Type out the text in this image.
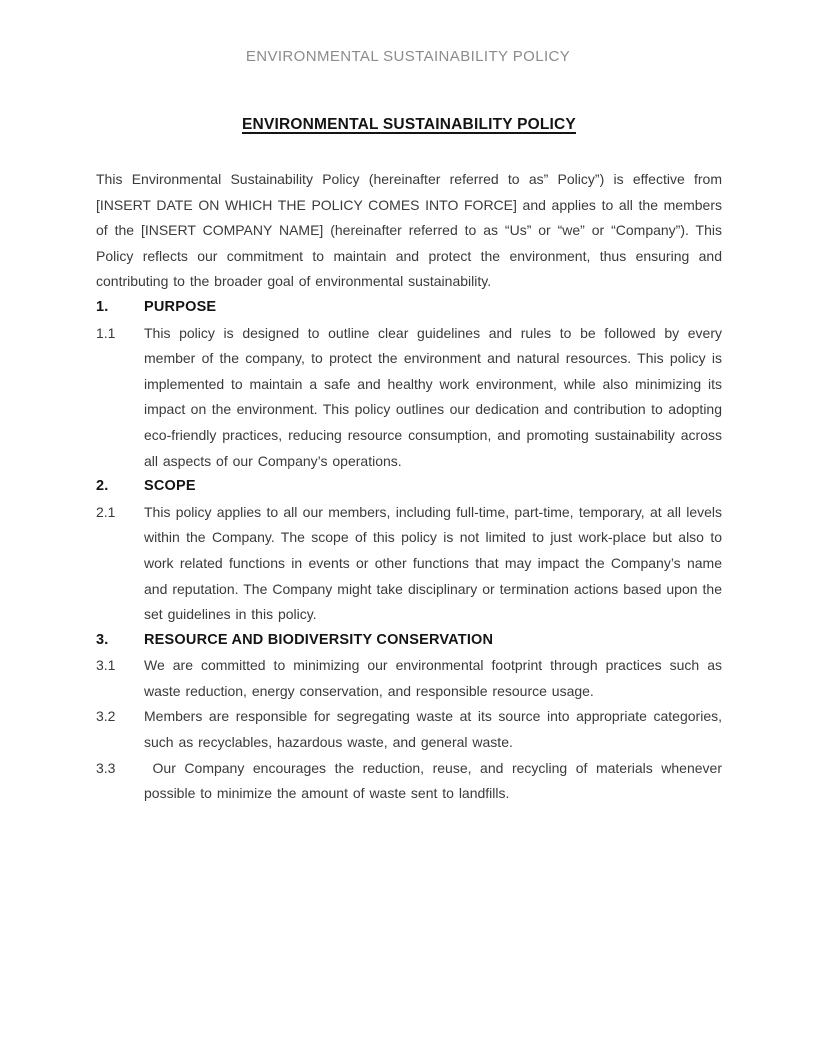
ENVIRONMENTAL SUSTAINABILITY POLICY
ENVIRONMENTAL SUSTAINABILITY POLICY

This Environmental Sustainability Policy (hereinafter referred to as” Policy”) is effective from [INSERT DATE ON WHICH THE POLICY COMES INTO FORCE] and applies to all the members of the [INSERT COMPANY NAME] (hereinafter referred to as “Us” or “we” or “Company”). This Policy reflects our commitment to maintain and protect the environment, thus ensuring and contributing to the broader goal of environmental sustainability.

1.	PURPOSE
1.1	This policy is designed to outline clear guidelines and rules to be followed by every member of the company, to protect the environment and natural resources. This policy is implemented to maintain a safe and healthy work environment, while also minimizing its impact on the environment. This policy outlines our dedication and contribution to adopting eco-friendly practices, reducing resource consumption, and promoting sustainability across all aspects of our Company’s operations.
2.	SCOPE
2.1	This policy applies to all our members, including full-time, part-time, temporary, at all levels within the Company. The scope of this policy is not limited to just work-place but also to work related functions in events or other functions that may impact the Company’s name and reputation. The Company might take disciplinary or termination actions based upon the set guidelines in this policy.
3.	RESOURCE AND BIODIVERSITY CONSERVATION
3.1	We are committed to minimizing our environmental footprint through practices such as waste reduction, energy conservation, and responsible resource usage.
3.2	Members are responsible for segregating waste at its source into appropriate categories, such as recyclables, hazardous waste, and general waste.
3.3	Our Company encourages the reduction, reuse, and recycling of materials whenever possible to minimize the amount of waste sent to landfills.
